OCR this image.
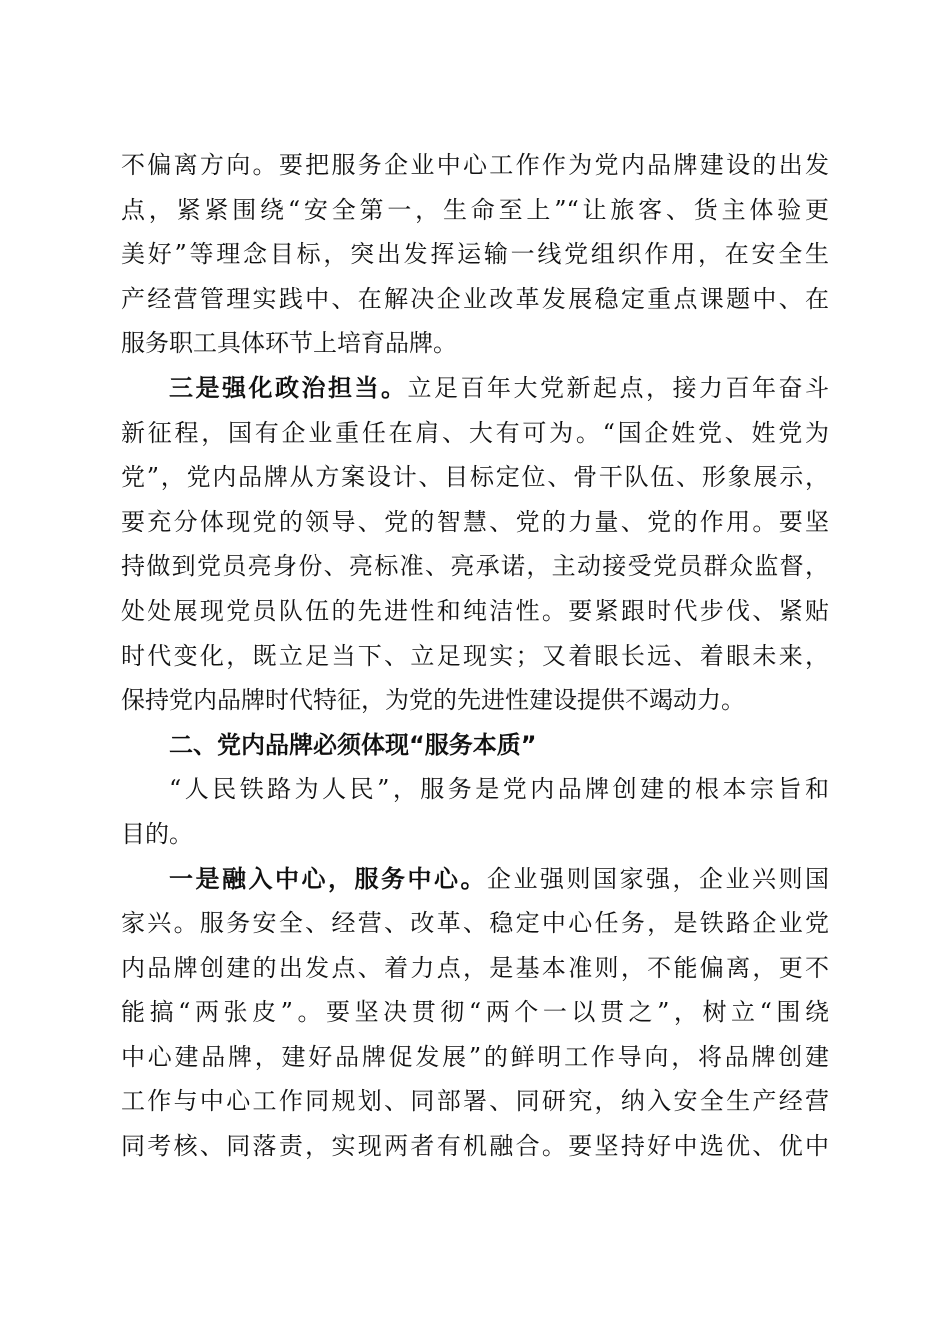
不偏离方向。要把服务企业中心工作作为党内品牌建设的出发
点，紧紧围绕“安全第一，生命至上”“让旅客、货主体验更
美好”等理念目标，突出发挥运输一线党组织作用，在安全生
产经营管理实践中、在解决企业改革发展稳定重点课题中、在
服务职工具体环节上培育品牌。
三是强化政治担当。立足百年大党新起点，接力百年奋斗
新征程，国有企业重任在肩、大有可为。“国企姓党、姓党为
党”，党内品牌从方案设计、目标定位、骨干队伍、形象展示，
要充分体现党的领导、党的智慧、党的力量、党的作用。要坚
持做到党员亮身份、亮标准、亮承诺，主动接受党员群众监督，
处处展现党员队伍的先进性和纯洁性。要紧跟时代步伐、紧贴
时代变化，既立足当下、立足现实；又着眼长远、着眼未来，
保持党内品牌时代特征，为党的先进性建设提供不竭动力。
二、党内品牌必须体现“服务本质”
“人民铁路为人民”，服务是党内品牌创建的根本宗旨和
目的。
一是融入中心，服务中心。企业强则国家强，企业兴则国
家兴。服务安全、经营、改革、稳定中心任务，是铁路企业党
内品牌创建的出发点、着力点，是基本准则，不能偏离，更不
能搞“两张皮”。要坚决贯彻“两个一以贯之”，树立“围绕
中心建品牌，建好品牌促发展”的鲜明工作导向，将品牌创建
工作与中心工作同规划、同部署、同研究，纳入安全生产经营
同考核、同落责，实现两者有机融合。要坚持好中选优、优中
